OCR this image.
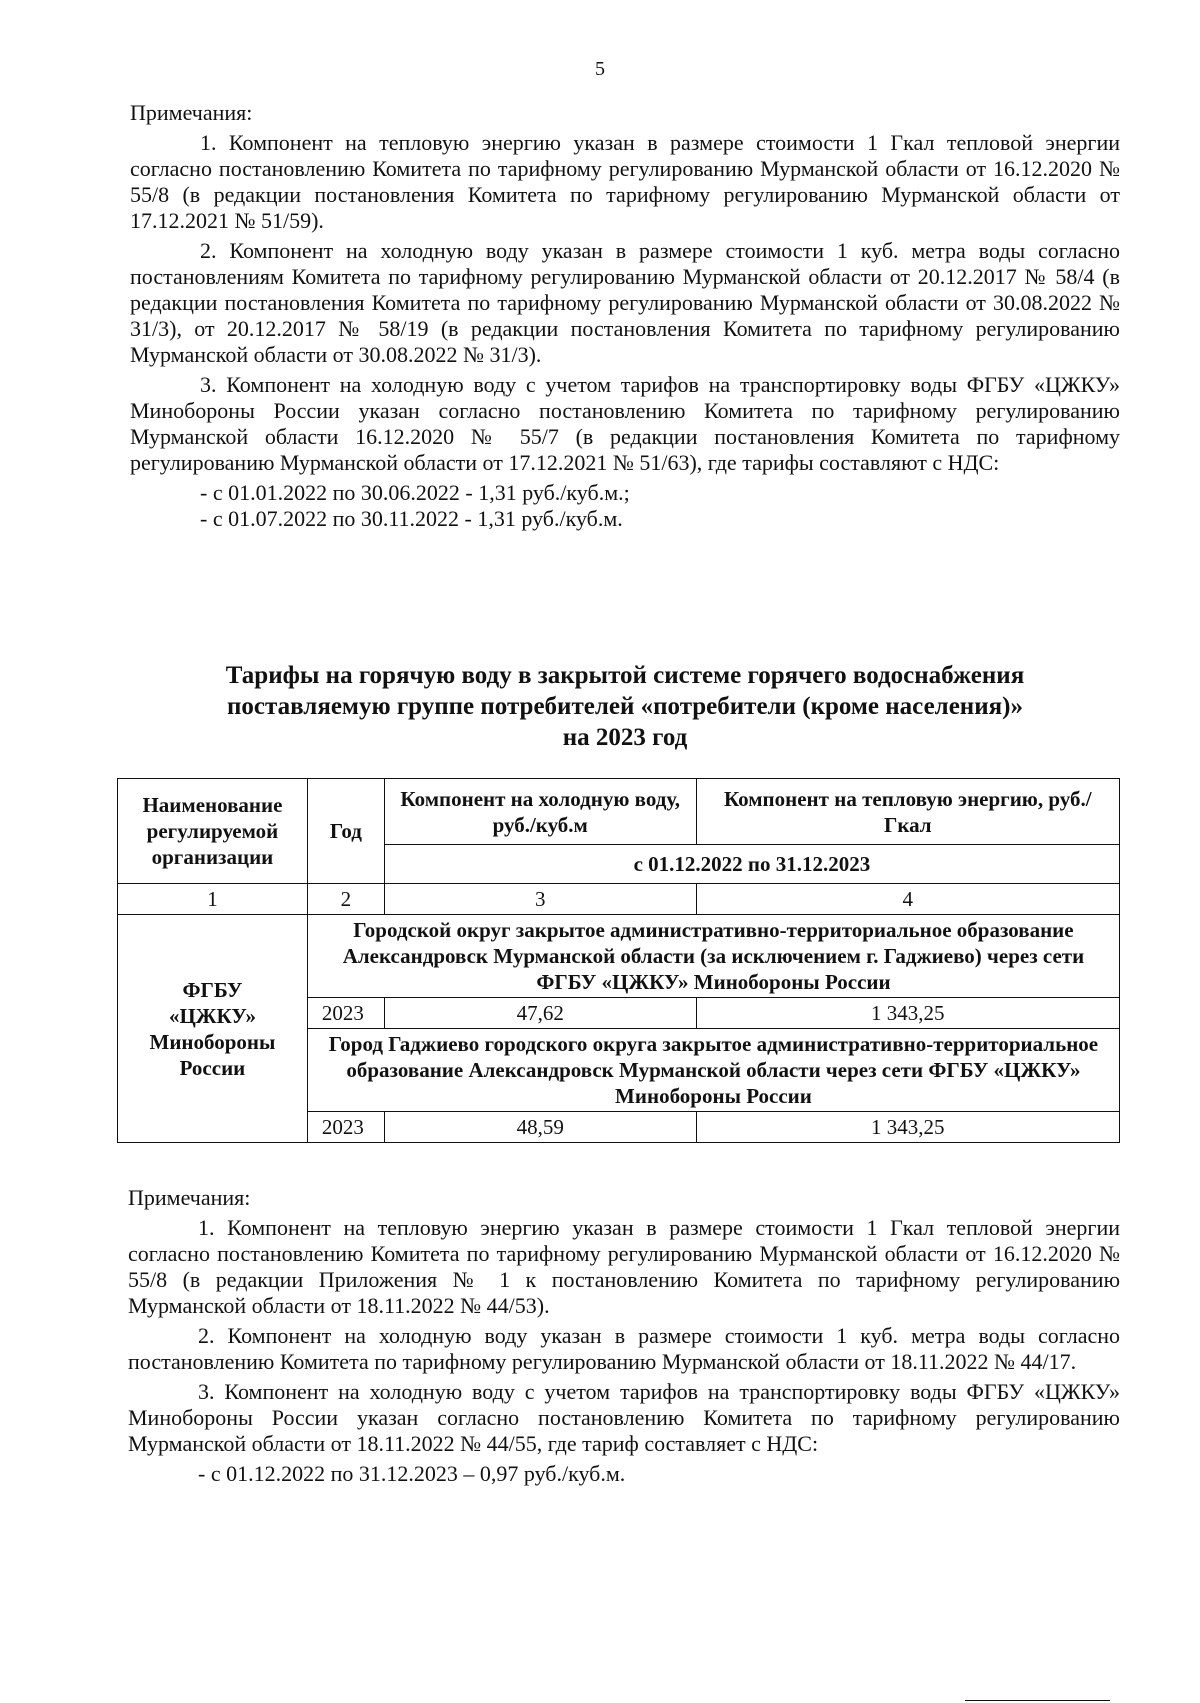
5

Примечания:

1. Компонент на тепловую энергию указан в размере стоимости 1 Гкал тепловой энергии согласно постановлению Комитета по тарифному регулированию Мурманской области от 16.12.2020 № 55/8 (в редакции постановления Комитета по тарифному регулированию Мурманской области от 17.12.2021 № 51/59).

2. Компонент на холодную воду указан в размере стоимости 1 куб. метра воды согласно постановлениям Комитета по тарифному регулированию Мурманской области от 20.12.2017 № 58/4 (в редакции постановления Комитета по тарифному регулированию Мурманской области от 30.08.2022 № 31/3), от 20.12.2017 № 58/19 (в редакции постановления Комитета по тарифному регулированию Мурманской области от 30.08.2022 № 31/3).

3. Компонент на холодную воду с учетом тарифов на транспортировку воды ФГБУ «ЦЖКУ» Минобороны России указан согласно постановлению Комитета по тарифному регулированию Мурманской области 16.12.2020 № 55/7 (в редакции постановления Комитета по тарифному регулированию Мурманской области от 17.12.2021 № 51/63), где тарифы составляют с НДС:

- с 01.01.2022 по 30.06.2022 - 1,31 руб./куб.м.;

- с 01.07.2022 по 30.11.2022 - 1,31 руб./куб.м.

Тарифы на горячую воду в закрытой системе горячего водоснабжения
поставляемую группе потребителей «потребители (кроме населения)»
на 2023 год
Наименование регулируемой организации	Год	Компонент на холодную воду, руб./куб.м	Компонент на тепловую энергию, руб./Гкал
		с 01.12.2022 по 31.12.2023	
1	2	3	4

ФГБУ
«ЦЖКУ»
Минобороны
России	Городской округ закрытое административно-территориальное образование Александровск Мурманской области (за исключением г. Гаджиево) через сети ФГБУ «ЦЖКУ» Минобороны России		
	2023	47,62	1 343,25
	Город Гаджиево городского округа закрытое административно-территориальное образование Александровск Мурманской области через сети ФГБУ «ЦЖКУ» Минобороны России		
	2023	48,59	1 343,25

Примечания:

1. Компонент на тепловую энергию указан в размере стоимости 1 Гкал тепловой энергии согласно постановлению Комитета по тарифному регулированию Мурманской области от 16.12.2020 № 55/8 (в редакции Приложения № 1 к постановлению Комитета по тарифному регулированию Мурманской области от 18.11.2022 № 44/53).

2. Компонент на холодную воду указан в размере стоимости 1 куб. метра воды согласно постановлению Комитета по тарифному регулированию Мурманской области от 18.11.2022 № 44/17.

3. Компонент на холодную воду с учетом тарифов на транспортировку воды ФГБУ «ЦЖКУ» Минобороны России указан согласно постановлению Комитета по тарифному регулированию Мурманской области от 18.11.2022 № 44/55, где тариф составляет с НДС:

- с 01.12.2022 по 31.12.2023 – 0,97 руб./куб.м.
